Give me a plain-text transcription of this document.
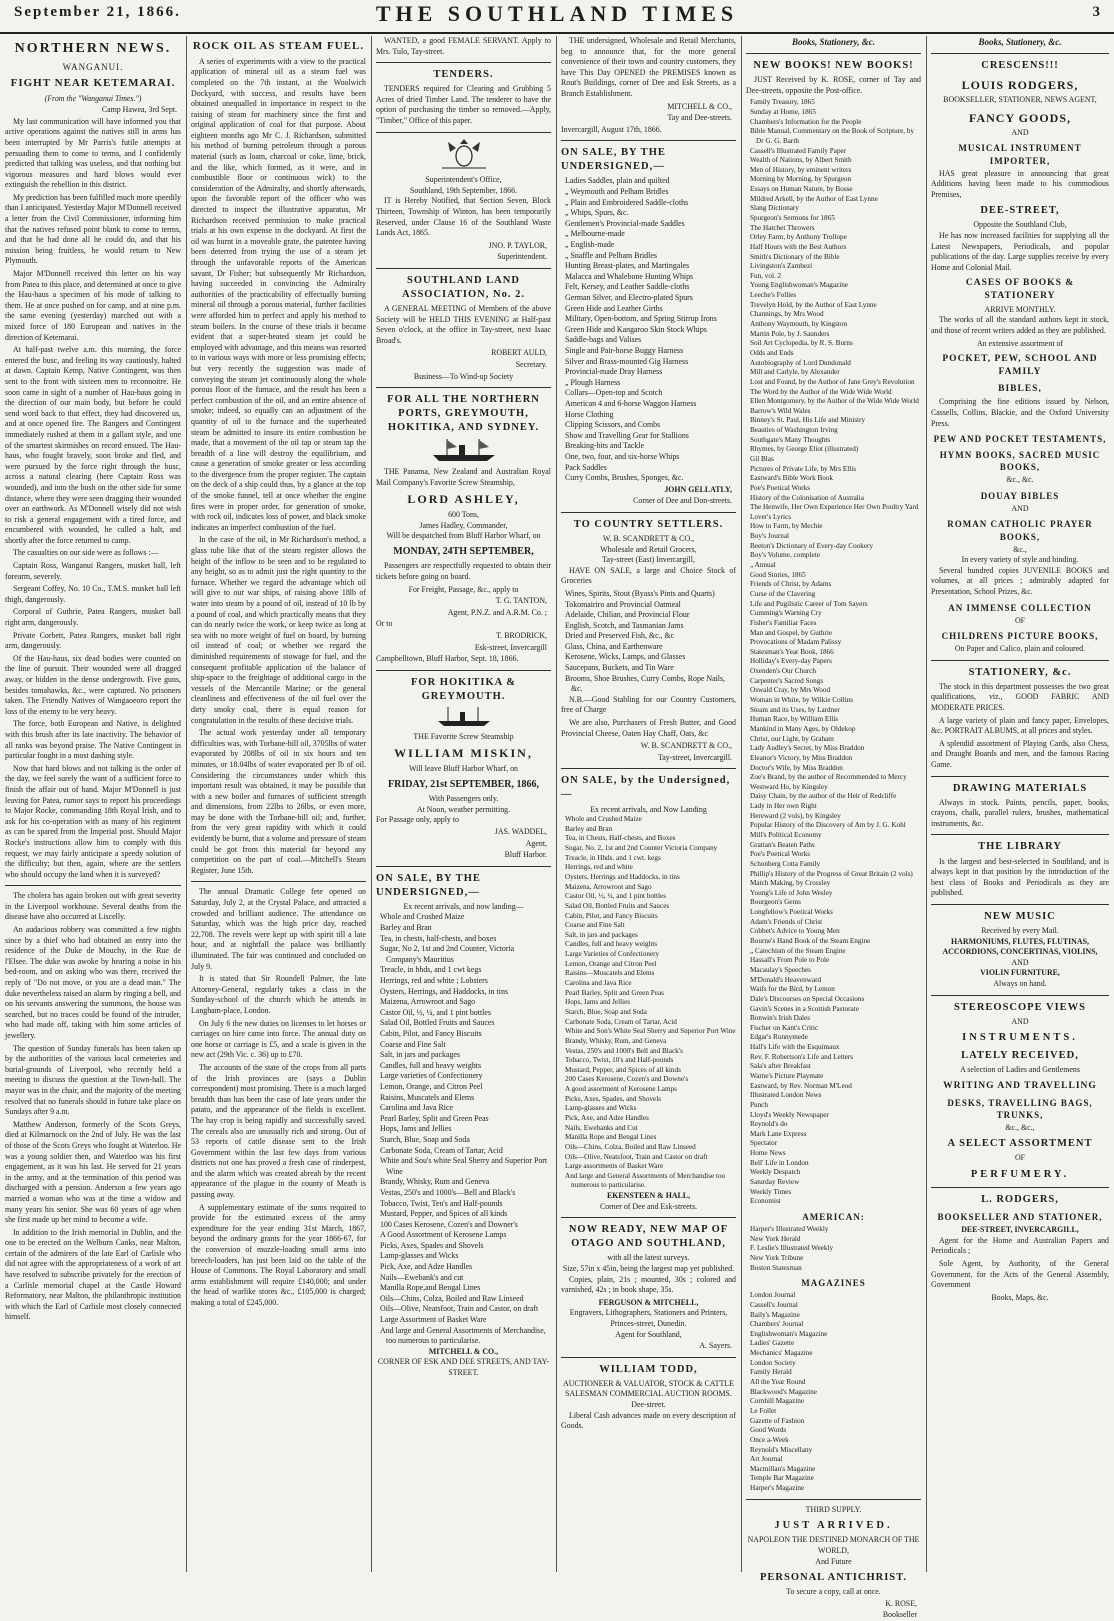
September 21, 1866.	THE SOUTHLAND TIMES	3
NORTHERN NEWS.
WANGANUI.
FIGHT NEAR KETEMARAI.
(From the "Wanganui Times.")
Camp Hawea, 3rd Sept.

My last communication will have informed you that active operations against the natives still in arms has been interrupted by Mr Parris's futile attempts at persuading them to come to terms, and I confidently predicted that talking was useless, and that nothing but vigorous measures and hard blows would ever extinguish the rebellion in this district.

My prediction has been fulfilled much more speedily than I anticipated. Yesterday Major M'Donnell received a letter from the Civil Commissioner, informing him that the natives refused point blank to come to terms, and that he had done all he could do, and that his mission being fruitless, he would return to New Plymouth.

Major M'Donnell received this letter on his way from Patea to this place, and determined at once to give the Hau-haus a specimen of his mode of talking to them. He at once pushed on for camp, and at nine p.m. the same evening (yesterday) marched out with a mixed force of 180 European and natives in the direction of Ketemarai.

At half-past twelve a.m. this morning, the force entered the busc, and feeling its way cautiously, halted at dawn. Captain Kemp, Native Contingent, was then sent to the front with sixteen men to reconnoitre. He soon came in sight of a number of Hau-haus going in the direction of our main body, but before he could send word back to that effect, they had discovered us, and at once opened fire. The Rangers and Contingent immediately rushed at them in a gallant style, and one of the smartest skirmishes on record ensued. The Hau-haus, who fought bravely, soon broke and fled, and were pursued by the force right through the busc, across a natural clearing (here Captain Ross was wounded), and into the bush on the other side for some distance, where they were seen dragging their wounded over an earthwork. As M'Donnell wisely did not wish to risk a general engagement with a tired force, and encumbered with wounded, he called a halt, and shortly after the force returned to camp.

The casualties on our side were as follows :—

Captain Ross, Wanganui Rangers, musket ball, left forearm, severely.

Sergeant Coffey, No. 10 Co., T.M.S. musket ball left thigh, dangerously.

Corporal of Guthrie, Patea Rangers, musket ball right arm, dangerously.

Private Corbett, Patea Rangers, musket ball right arm, dangerously.

Of the Hau-haus, six dead bodies were counted on the line of pursuit. Their wounded were all dragged away, or hidden in the dense undergrowth. Five guns, besides tomahawks, &c., were captured. No prisoners taken. The Friendly Natives of Wangaoeoro report the loss of the enemy to be very heavy.

The force, both European and Native, is delighted with this brush after its late inactivity. The behavior of all ranks was beyond praise. The Native Contingent in particular fought in a most dashing style.

Now that hard blows and not talking is the order of the day, we feel surely the want of a sufficient force to finish the affair out of hand. Major M'Donnell is just leaving for Patea, rumor says to report his proceedings to Major Rocke, commanding 18th Royal Irish, and to ask for his co-operation with as many of his regiment as can be spared from the Imperial post. Should Major Rocke's instructions allow him to comply with this request, we may fairly anticipate a speedy solution of the difficulty; but then, again, where are the settlers who should occupy the land when it is surveyed?

The cholera has again broken out with great severity in the Liverpool workhouse. Several deaths from the disease have also occurred at Liscelly.

An audacious robbery was committed a few nights since by a thief who had obtained an entry into the residence of the Duke de Mouchy, in the Rue de l'Elsee. The duke was awoke by hearing a noise in his bed-room, and on asking who was there, received the reply of "Do not move, or you are a dead man." The duke nevertheless raised an alarm by ringing a bell, and on his servants answering the summons, the house was searched, but no traces could be found of the intruder, who had made off, taking with him some articles of jewellery.

The question of Sunday funerals has been taken up by the authorities of the various local cemeteries and burial-grounds of Liverpool, who recently held a meeting to discuss the question at the Town-hall. The mayor was in the chair, and the majority of the meeting resolved that no funerals should in future take place on Sundays after 9 a.m.

Matthew Anderson, formerly of the Scots Greys, died at Kilmarnock on the 2nd of July. He was the last of those of the Scots Greys who fought at Waterloo. He was a young soldier then, and Waterloo was his first engagement, as it was his last. He served for 21 years in the army, and at the termination of this period was discharged with a pension. Anderson a few years ago married a woman who was at the time a widow and many years his senior. She was 60 years of age when she first made up her mind to become a wife.

In addition to the Irish memorial in Dublin, and the one to be erected on the Welburn Canks, near Malton, certain of the admirers of the late Earl of Carlisle who did not agree with the appropriateness of a work of art have resolved to subscribe privately for the erection of a Carlisle memorial chapel at the Castle Howard Reformatory, near Malton, the philanthropic institution with which the Earl of Carlisle most closely connected himself.

ROCK OIL AS STEAM FUEL.

A series of experiments with a view to the practical application of mineral oil as a steam fuel was completed on the 7th instant, at the Woolwich Dockyard, with success, and results have been obtained unequalled in importance in respect to the raising of steam for machinery since the first and original application of coal for that purpose. About eighteen months ago Mr C. J. Richardson, submitted his method of burning petroleum through a porous material (such as loam, charcoal or coke, lime, brick, and the like, which formed, as it were, and in combustible floor or continuous wick) to the consideration of the Admiralty, and shortly afterwards, upon the favorable report of the officer who was directed to inspect the illustrative apparatus, Mr Richardson received permission to make practical trials at his own expense in the dockyard. At first the oil was burnt in a moveable grate, the patentee having been deterred from trying the use of a steam jet through the unfavorable reports of the American savant, Dr Fisher; but subsequently Mr Richardson, having succeeded in convincing the Admiralty authorities of the practicability of effectually burning mineral oil through a porous material, further facilities were afforded him to perfect and apply his method to steam boilers. In the course of these trials it became evident that a super-heated steam jet could be employed with advantage, and this means was resorted to in various ways with more or less promising effects; but very recently the suggestion was made of conveying the steam jet continuously along the whole porous floor of the furnace, and the result has been a perfect combustion of the oil, and an entire absence of smoke; indeed, so equally can an adjustment of the quantity of oil to the furnace and the superheated steam be admitted to insure its entire combustion be made, that a movement of the oil tap or steam tap the breadth of a line will destroy the equilibrium, and cause a generation of smoke greater or less according to the divergence from the proper register. The captain on the deck of a ship could thus, by a glance at the top of the smoke funnel, tell at once whether the engine fires were in proper order, for generation of smoke, with rock oil, indicates loss of power, and black smoke indicates an imperfect combustion of the fuel.

In the case of the oil, in Mr Richardson's method, a glass tube like that of the steam register allows the height of the inflow to be seen and to be regulated to any height, so as to admit just the right quantity to the furnace. Whether we regard the advantage which oil will give to our war ships, of raising above 18lb of water into steam by a pound of oil, instead of 10 lb by a pound of coal, and which practically means that they can do nearly twice the work, or keep twice as long at sea with no more weight of fuel on board, by burning oil instead of coal; or whether we regard the diminished requirements of stowage for fuel, and the consequent profitable application of the balance of ship-space to the freightage of additional cargo in the vessels of the Mercantile Marine; or the general cleanliness and effectiveness of the oil fuel over the dirty smoky coal, there is equal reason for congratulation in the results of these decisive trials.

The actual work yesterday under all temporary difficulties was, with Torbane-hill oil, 3705lbs of water evaporated by 208lbs of oil in six hours and ten minutes, or 18.04lbs of water evaporated per lb of oil. Considering the circumstances under which this important result was obtained, it may be possible that with a new boiler and furnaces of sufficient strength and dimensions, from 22lbs to 26lbs, or even more, may be done with the Torbane-hill oil; and, further, from the very great rapidity with which it could evidently be burnt, that a volume and pressure of steam could be got from this material far beyond any competition on the part of coal.—Mitchell's Steam Register, June 15th.

The annual Dramatic College fete opened on Saturday, July 2, at the Crystal Palace, and attracted a crowded and brilliant audience. The attendance on Saturday, which was the high price day, reached 22,708. The revels were kept up with spirit till a late hour, and at nightfall the palace was brilliantly illuminated. The fair was continued and concluded on July 9.

It is stated that Sir Roundell Palmer, the late Attorney-General, regularly takes a class in the Sunday-school of the church which he attends in Langham-place, London.

On July 6 the new duties on licenses to let horses or carriages on hire came into force. The annual duty on one horse or carriage is £5, and a scale is given in the new act (29th Vic. c. 36) up to £70.

The accounts of the state of the crops from all parts of the Irish provinces are (says a Dublin correspondent) most promising. There is a much larged breadth than has been the case of late years under the patato, and the appearance of the fields is excellent. The hay crop is being rapidly and successfully saved. The cereals also are unusually rich and strong. Out of 53 reports of cattle disease sent to the Irish Government within the last few days from various districts not one has proved a fresh case of rinderpest, and the alarm which was created abreah by the recent appearance of the plague in the county of Meath is passing away.

A supplementary estimate of the sums required to provide for the estimated excess of the army expenditure for the year ending 31st March, 1867, beyond the ordinary grants for the year 1866-67, for the conversion of muzzle-loading small arms into breech-loaders, has just been laid on the table of the House of Commons. The Royal Laboratory and small arms establishment will require £140,000; and under the head of warlike stores &c., £105,000 is charged; making a total of £245,000.

WANTED, a good FEMALE SERVANT. Apply to Mrs. Tulo, Tay-street.

TENDERS.

TENDERS required for Clearing and Grubbing 5 Acres of dried Timber Land. The tenderer to have the option of purchasing the timber so removed.—Apply, "Timber," Office of this paper.

Superintendent's Office,
Southland, 19th September, 1866.

IT is Hereby Notified, that Section Seven, Block Thirteen, Township of Winton, has been temporarily Reserved, under Clause 16 of the Southland Waste Lands Act, 1865.

JNO. P. TAYLOR,
Superintendent.
SOUTHLAND LAND ASSOCIATION, No. 2.

A GENERAL MEETING of Members of the above Society will be HELD THIS EVENING at Half-past Seven o'clock, at the office in Tay-street, next Isaac Broad's.

ROBERT AULD,
Secretary.
Business—To Wind-up Society
FOR ALL THE NORTHERN PORTS, GREYMOUTH, HOKITIKA, AND SYDNEY.

THE Panama, New Zealand and Australian Royal Mail Company's Favorite Screw Steamship,

LORD ASHLEY,
600 Tons,
James Hadley, Commander,
Will be despatched from Bluff Harbor Wharf, on
MONDAY, 24TH SEPTEMBER,

Passengers are respectfully requested to obtain their tickets before going on board.

For Freight, Passage, &c., apply to
T. G. TANTON,
Agent, P.N.Z. and A.R.M. Co. ;
Or to
T. BRODRICK,
Esk-street, Invercargill
Campbelltown, Bluff Harbor, Sept. 18, 1866.
FOR HOKITIKA & GREYMOUTH.
THE Favorite Screw Steamship
WILLIAM MISKIN,
Will leave Bluff Harbor Wharf, on
FRIDAY, 21st SEPTEMBER, 1866,
With Passengers only.
At Noon, weather permitting.
For Passage only, apply to
JAS. WADDEL,
Agent,
Bluff Harbor.
ON SALE, BY THE UNDERSIGNED,—
Ex recent arrivals, and now landing—
Whole and Crushed Maize
Barley and Bran
Tea, in chests, half-chests, and boxes
Sugar, No 2, 1st and 2nd Counter, Victoria Company's Mauritius
Treacle, in hhds, and 1 cwt kegs
Herrings, red and white ; Lobsters
Oysters, Herrings, and Haddocks, in tins
Maizena, Arrowroot and Sago
Castor Oil, ½, ¼, and 1 pint bottles
Salad Oil, Bottled Fruits and Sauces
Cabin, Pilot, and Fancy Biscuits
Coarse and Fine Salt
Salt, in jars and packages
Candles, full and heavy weights
Large varieties of Confectionery
Lemon, Orange, and Citron Peel
Raisins, Muscatels and Elems
Carolina and Java Rice
Pearl Barley, Split and Green Peas
Hops, Jams and Jellies
Starch, Blue, Soap and Soda
Carbonate Soda, Cream of Tartar, Acid
White and Sou's white Seal Sherry and Superior Port Wine
Brandy, Whisky, Rum and Geneva
Vestas, 250's and 1000's—Bell and Black's
Tobacco, Twist, Ten's and Half-pounds
Mustard, Pepper, and Spices of all kinds
100 Cases Kerosene, Cozen's and Downer's
A Good Assortment of Kerosene Lamps
Picks, Axes, Spades and Shovels
Lamp-glasses and Wicks
Pick, Axe, and Adze Handles
Nails—Ewebank's and cut
Manilla Rope,and Bengal Lines
Oils—Chins, Colza, Boiled and Raw Linseed
Oils—Olive, Neatsfoot, Train and Castor, on draft
Large Assortment of Basket Ware
And large and General Assortments of Merchandise, too numerous to particularise.
MITCHELL & CO.,
CORNER OF ESK AND DEE STREETS, AND TAY-STREET.

THE undersigned, Wholesale and Retail Merchants, beg to announce that, for the more general convenience of their town and country customers, they have This Day OPENED the PREMISES known as Rout's Buildings, corner of Dee and Esk Streets, as a Branch Establishment.

MITCHELL & CO.,
Tay and Dee-streets.
Invercargill, August 17th, 1866.
ON SALE, BY THE UNDERSIGNED,—
Ladies Saddles, plain and quilted
„ Weymouth and Pelham Bridles
„ Plain and Embroidered Saddle-cloths
„ Whips, Spurs, &c.
Gentlemen's Provincial-made Saddles
„ Melbourne-made
„ English-made
„ Snaffle and Pelham Bridles
Hunting Breast-plates, and Martingales
Malacca and Whalebone Hunting Whips
Felt, Kersey, and Leather Saddle-cloths
German Silver, and Electro-plated Spurs
Green Hide and Leather Girths
Military, Open-bottom, and Spring Stirrup Irons
Green Hide and Kangaroo Skin Stock Whips
Saddle-bags and Valises
Single and Pair-horse Buggy Harness
Silver and Brass-mounted Gig Harness
Provincial-made Dray Harness
„ Plough Harness
Collars—Open-top and Scotch
American 4 and 6-horse Waggon Harness
Horse Clothing
Clipping Scissors, and Combs
Show and Travelling Gear for Stallions
Breaking-bits and Tackle
One, two, four, and six-horse Whips
Pack Saddles
Curry Combs, Brushes, Sponges, &c.
JOHN GELLATLY,
Corner of Dee and Don-streets.
TO COUNTRY SETTLERS.
W. B. SCANDRETT & CO.,
Wholesale and Retail Grocers,
Tay-street (East) Invercargill,

HAVE ON SALE, a large and Choice Stock of Groceries

Wines, Spirits, Stout (Byass's Pints and Quarts)
Tokomairiro and Provincial Oatmeal
Adelaide, Chilian, and Provincial Flour
English, Scotch, and Tasmanian Jams
Dried and Preserved Fish, &c., &c
Glass, China, and Earthenware
Kerosene, Wicks, Lamps, and Glasses
Saucepans, Buckets, and Tin Ware
Brooms, Shoe Brushes, Curry Combs, Rope Nails, &c.

N.B.—Good Stabling for our Country Customers, free of Charge

We are also, Purchasers of Fresh Butter, and Good Provincial Cheese, Oaten Hay Chaff, Oats, &c

W. B. SCANDRETT & CO.,
Tay-street, Invercargill.
ON SALE, by the Undersigned,—
Ex recent arrivals, and Now Landing
Whole and Crushed Maize
Barley and Bran
Tea, in Chests, Half-chests, and Boxes
Sugar, No. 2, 1st and 2nd Counter Victoria Company
Treacle, in Hhds. and 1 cwt. kegs
Herrings, red and white
Oysters, Herrings and Haddocks, in tins
Maizena, Arrowroot and Sago
Castor Oil, ½, ¼, and 1 pint bottles
Salad Oil, Bottled Fruits and Sauces
Cabin, Pilot, and Fancy Biscuits
Coarse and Fine Salt
Salt, in jars and packages
Candles, full and heavy weights
Large Varieties of Confectionery
Lemon, Orange and Citron Peel
Raisins—Muscatels and Elems
Carolina and Java Rice
Pearl Barley, Split and Green Peas
Hops, Jams and Jellies
Starch, Blue, Soap and Soda
Carbonate Soda, Cream of Tartar, Acid
White and Son's White Seal Sherry and Superior Port Wine
Brandy, Whisky, Rum, and Geneva
Vestas, 250's and 1000's Bell and Black's
Tobacco, Twist, 10's and Half-pounds
Mustard, Pepper, and Spices of all kinds
200 Cases Kerosene, Cozen's and Downe's
A good assortment of Kerosene Lamps
Picks, Axes, Spades, and Shovels
Lamp-glasses and Wicks
Pick, Axe, and Adze Handles
Nails, Ewebanks and Cut
Manilla Rope and Bengal Lines
Oils—Chins, Colza, Boiled and Raw Linseed
Oils—Olive, Neatsfoot, Train and Castor on draft
Large assortments of Basket Ware
And large and General Assortments of Merchandise too numerous to particularise.
EKENSTEEN & HALL,
Corner of Dee and Esk-streets.
NOW READY, NEW MAP OF OTAGO AND SOUTHLAND,
with all the latest surveys.
Size, 57in x 45in, being the largest map yet published.

Copies, plain, 21s ; mounted, 30s ; colored and varnished, 42s ; in book shape, 35s.

FERGUSON & MITCHELL,
Engravers, Lithographers, Stationers and Printers, Princes-street, Dunedin.
Agent for Southland,
A. Sayers.
WILLIAM TODD,
AUCTIONEER & VALUATOR, STOCK & CATTLE SALESMAN COMMERCIAL AUCTION ROOMS.
Dee-street.

Liberal Cash advances made on every description of Goods.

Books, Stationery, &c.
NEW BOOKS! NEW BOOKS!

JUST Received by K. ROSE, corner of Tay and Dee-streets, opposite the Post-office.

Family Treasury, 1865
Sunday at Home, 1865
Chambers's Information for the People
Bible Manual, Commentary on the Book of Scripture, by Dr G. G. Barth
Cassell's Illustrated Family Paper
Wealth of Nations, by Albert Smith
Men of History, by eminent writers
Morning by Morning, by Spurgeon
Essays on Human Nature, by Bosse
Mildred Arkell, by the Author of East Lynne
Slang Dictionary
Spurgeon's Sermons for 1865
The Hatchet Throwers
Orley Farm, by Anthony Trollope
Half Hours with the Best Authors
Smith's Dictionary of the Bible
Livingston's Zambezi
Fun, vol. 2
Young Englishwoman's Magazine
Leeche's Follies
Trevelyn Hold, by the Author of East Lynne
Channings, by Mrs Wood
Anthony Waymouth, by Kingston
Martin Pole, by J. Saunders
Soil Art Cyclopedia, by R. S. Burns
Odds and Ends
Autobiography of Lord Dundonald
Mill and Carlyle, by Alexander
Lost and Found, by the Author of Jane Grey's Revolution
The Word by the Author of the Wide Wide World
Ellen Montgomery, by the Author of the Wide Wide World
Barrow's Wild Wales
Binney's St. Paul, His Life and Ministry
Beauties of Washington Irving
Southgate's Many Thoughts
Rhymes, by George Eliot (illustrated)
Gil Blas
Pictures of Private Life, by Mrs Ellis
Eastward's Bible Work Book
Poe's Poetical Works
History of the Colonisation of Australia
The Henwife, Her Own Experience Her Own Poultry Yard
Lover's Lyrics
How to Farm, by Mechie
Boy's Journal
Beeton's Dictionary of Every-day Cookery
Boy's Volume, complete
„ Annual
Good Stories, 1865
Friends of Christ, by Adams
Curse of the Clavering
Life and Pugilistic Career of Tom Sayers
Cumming's Warning Cry
Fisher's Familiar Faces
Man and Gospel, by Guthrie
Provocations of Madam Palissy
Statesman's Year Book, 1866
Holliday's Every-day Papers
Oxenden's Our Church
Carpenter's Sacred Songs
Oswald Cray, by Mrs Wood
Woman in White, by Wilkie Collins
Steam and its Uses, by Lardner
Human Race, by William Ellis
Mankind in Many Ages, by Oldekop
Christ, our Light, by Graham
Lady Audley's Secret, by Miss Braddon
Eleanor's Victory, by Miss Braddon
Doctor's Wife, by Miss Braddon
Zoe's Brand, by the author of Recommended to Mercy
Westward Ho, by Kingsley
Daisy Chain, by the author of the Heir of Redcliffe
Lady in Her own Right
Hereward (2 vols), by Kingsley
Popular History of the Discovery of Am by J. G. Kohl
Mill's Political Economy
Grattan's Beaten Paths
Poe's Poetical Works
Schonberg Cotta Family
Phillip's History of the Progress of Great Britain (2 vols)
Match Making, by Crossley
Young's Life of John Wesley
Bourgeon's Gems
Longfellow's Poetical Works
Adam's Friends of Christ
Cobbet's Advice to Young Men
Bourne's Hand Book of the Steam Engine
„ Catechism of the Steam Engine
Hassall's From Pole to Pole
Macaulay's Speeches
M'Donald's Heavenward
Waifs for the Bird, by Lemon
Dale's Discourses on Special Occasions
Gavin's Scenes in a Scottish Pastorate
Bonwin's Irish Dales
Fischer on Kant's Critic
Edgar's Runnymede
Hall's Life with the Esquimaux
Rev. F. Robertson's Life and Letters
Sala's after Breakfast
Warne's Picture Playmate
Eastward, by Rev. Norman M'Leod
Illustrated London News
Punch
Lloyd's Weekly Newspaper
Reynold's do
Mark Lane Express
Spectator
Home News
Bell' Life in London
Weekly Despatch
Saturday Review
Weekly Times
Economist
AMERICAN:
Harper's Illustrated Weekly
New York Herald
F. Leslie's Illustrated Weekly
New York Tribune
Boston Statesman
MAGAZINES
London Journal
Cassell's Journal
Baily's Magazine
Chambers' Journal
Englishwoman's Magazine
Ladies' Gazette
Mechanics' Magazine
London Society
Family Herald
All the Year Round
Blackwood's Magazine
Cornhill Magazine
Le Follet
Gazette of Fashion
Good Words
Once a-Week
Reynold's Miscellany
Art Journal
Macmillan's Magazine
Temple Bar Magazine
Harper's Magazine
THIRD SUPPLY.
JUST ARRIVED.
NAPOLEON THE DESTINED MONARCH OF THE WORLD,
And Future
PERSONAL ANTICHRIST.
To secure a copy, call at once.
K. ROSE,
Bookseller
Books, Stationery, &c.
CRESCENS!!!
LOUIS RODGERS,
BOOKSELLER, STATIONER, NEWS AGENT,
FANCY GOODS,
AND
MUSICAL INSTRUMENT IMPORTER,

HAS great pleasure in announcing that great Additions having been made to his commodious Premises,

DEE-STREET,
Opposite the Southland Club,

He has now increased facilities for supplying all the Latest Newspapers, Periodicals, and popular publications of the day. Large supplies receive by every Home and Colonial Mail.

CASES OF BOOKS & STATIONERY
ARRIVE MONTHLY.

The works of all the standard authors kept in stock, and those of recent writers added as they are published.

An extensive assortment of
POCKET, PEW, SCHOOL AND FAMILY
BIBLES,

Comprising the fine editions issued by Nelson, Cassells, Collins, Blackie, and the Oxford University Press.

PEW AND POCKET TESTAMENTS,
HYMN BOOKS, SACRED MUSIC BOOKS,
&c., &c.
DOUAY BIBLES
AND
ROMAN CATHOLIC PRAYER BOOKS,
&c.,
In every variety of style and binding.

Several hundred copies JUVENILE BOOKS and volumes, at all prices ; admirably adapted for Presentation, School Prizes, &c.

AN IMMENSE COLLECTION
OF
CHILDRENS PICTURE BOOKS,
On Paper and Calico, plain and coloured.
STATIONERY, &c.

The stock in this department possesses the two great qualifications, viz., GOOD FABRIC AND MODERATE PRICES.

A large variety of plain and fancy paper, Envelopes, &c. PORTRAIT ALBUMS, at all prices and styles.

A splendid assortment of Playing Cards, also Chess, and Draught Boards and men, and the famous Racing Game.

DRAWING MATERIALS

Always in stock. Paints, pencils, paper, books, crayons, chalk, parallel rulers, brushes, mathematical instruments, &c.

THE LIBRARY

Is the largest and best-selected in Southland, and is always kept in that position by the introduction of the best class of Books and Periodicals as they are published.

NEW MUSIC
Received by every Mail.
HARMONIUMS, FLUTES, FLUTINAS, ACCORDIONS, CONCERTINAS, VIOLINS,
AND
VIOLIN FURNITURE,
Always on hand.
STEREOSCOPE VIEWS
AND
INSTRUMENTS.
LATELY RECEIVED,
A selection of Ladies and Gentlemens
WRITING AND TRAVELLING
DESKS, TRAVELLING BAGS, TRUNKS,
&c., &c.,
A SELECT ASSORTMENT
OF
PERFUMERY.
L. RODGERS,
BOOKSELLER AND STATIONER,
DEE-STREET, INVERCARGILL,

Agent for the Home and Australian Papers and Periodicals ;

Sole Agent, by Authority, of the General Government, for the Acts of the General Assembly, Government

Books, Maps, &c.
